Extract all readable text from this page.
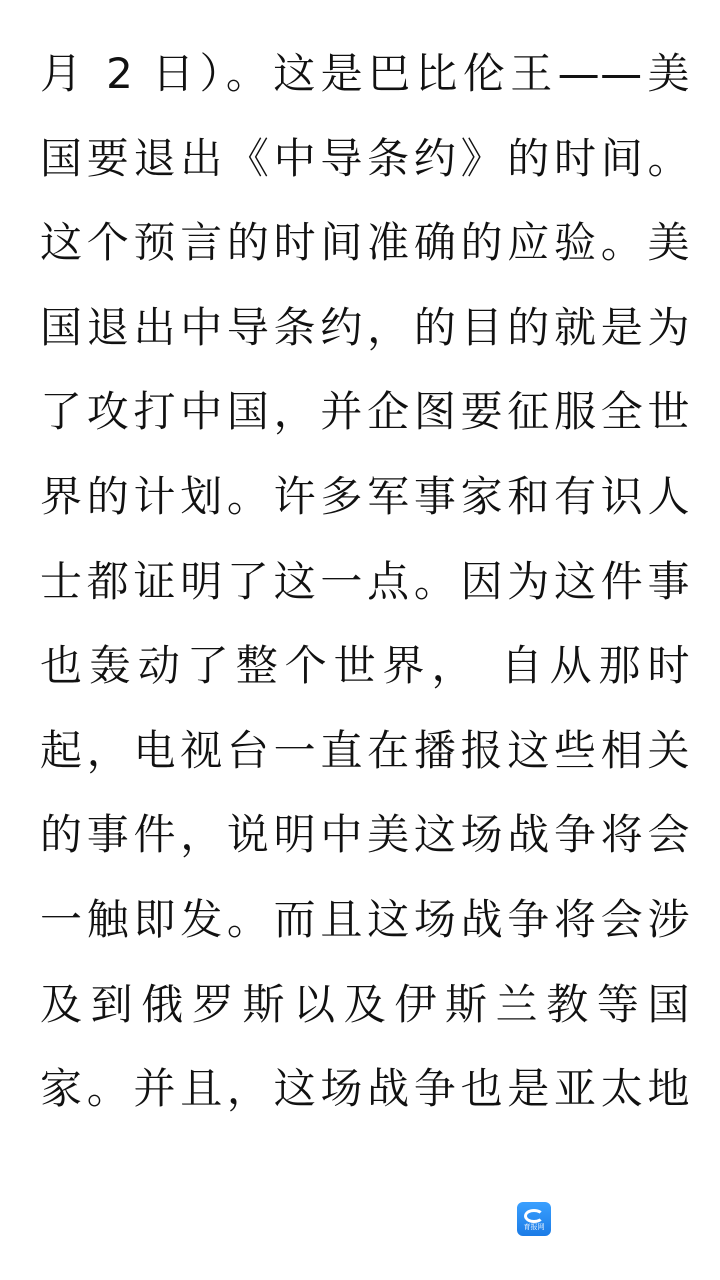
月 2 日）。这是巴比伦王——美
国要退出《中导条约》的时间。
这个预言的时间准确的应验。美
国退出中导条约，的目的就是为
了攻打中国，并企图要征服全世
界的计划。许多军事家和有识人
士都证明了这一点。因为这件事
也轰动了整个世界， 自从那时
起，电视台一直在播报这些相关
的事件，说明中美这场战争将会
一触即发。而且这场战争将会涉
及到俄罗斯以及伊斯兰教等国
家。并且，这场战争也是亚太地
育报网
